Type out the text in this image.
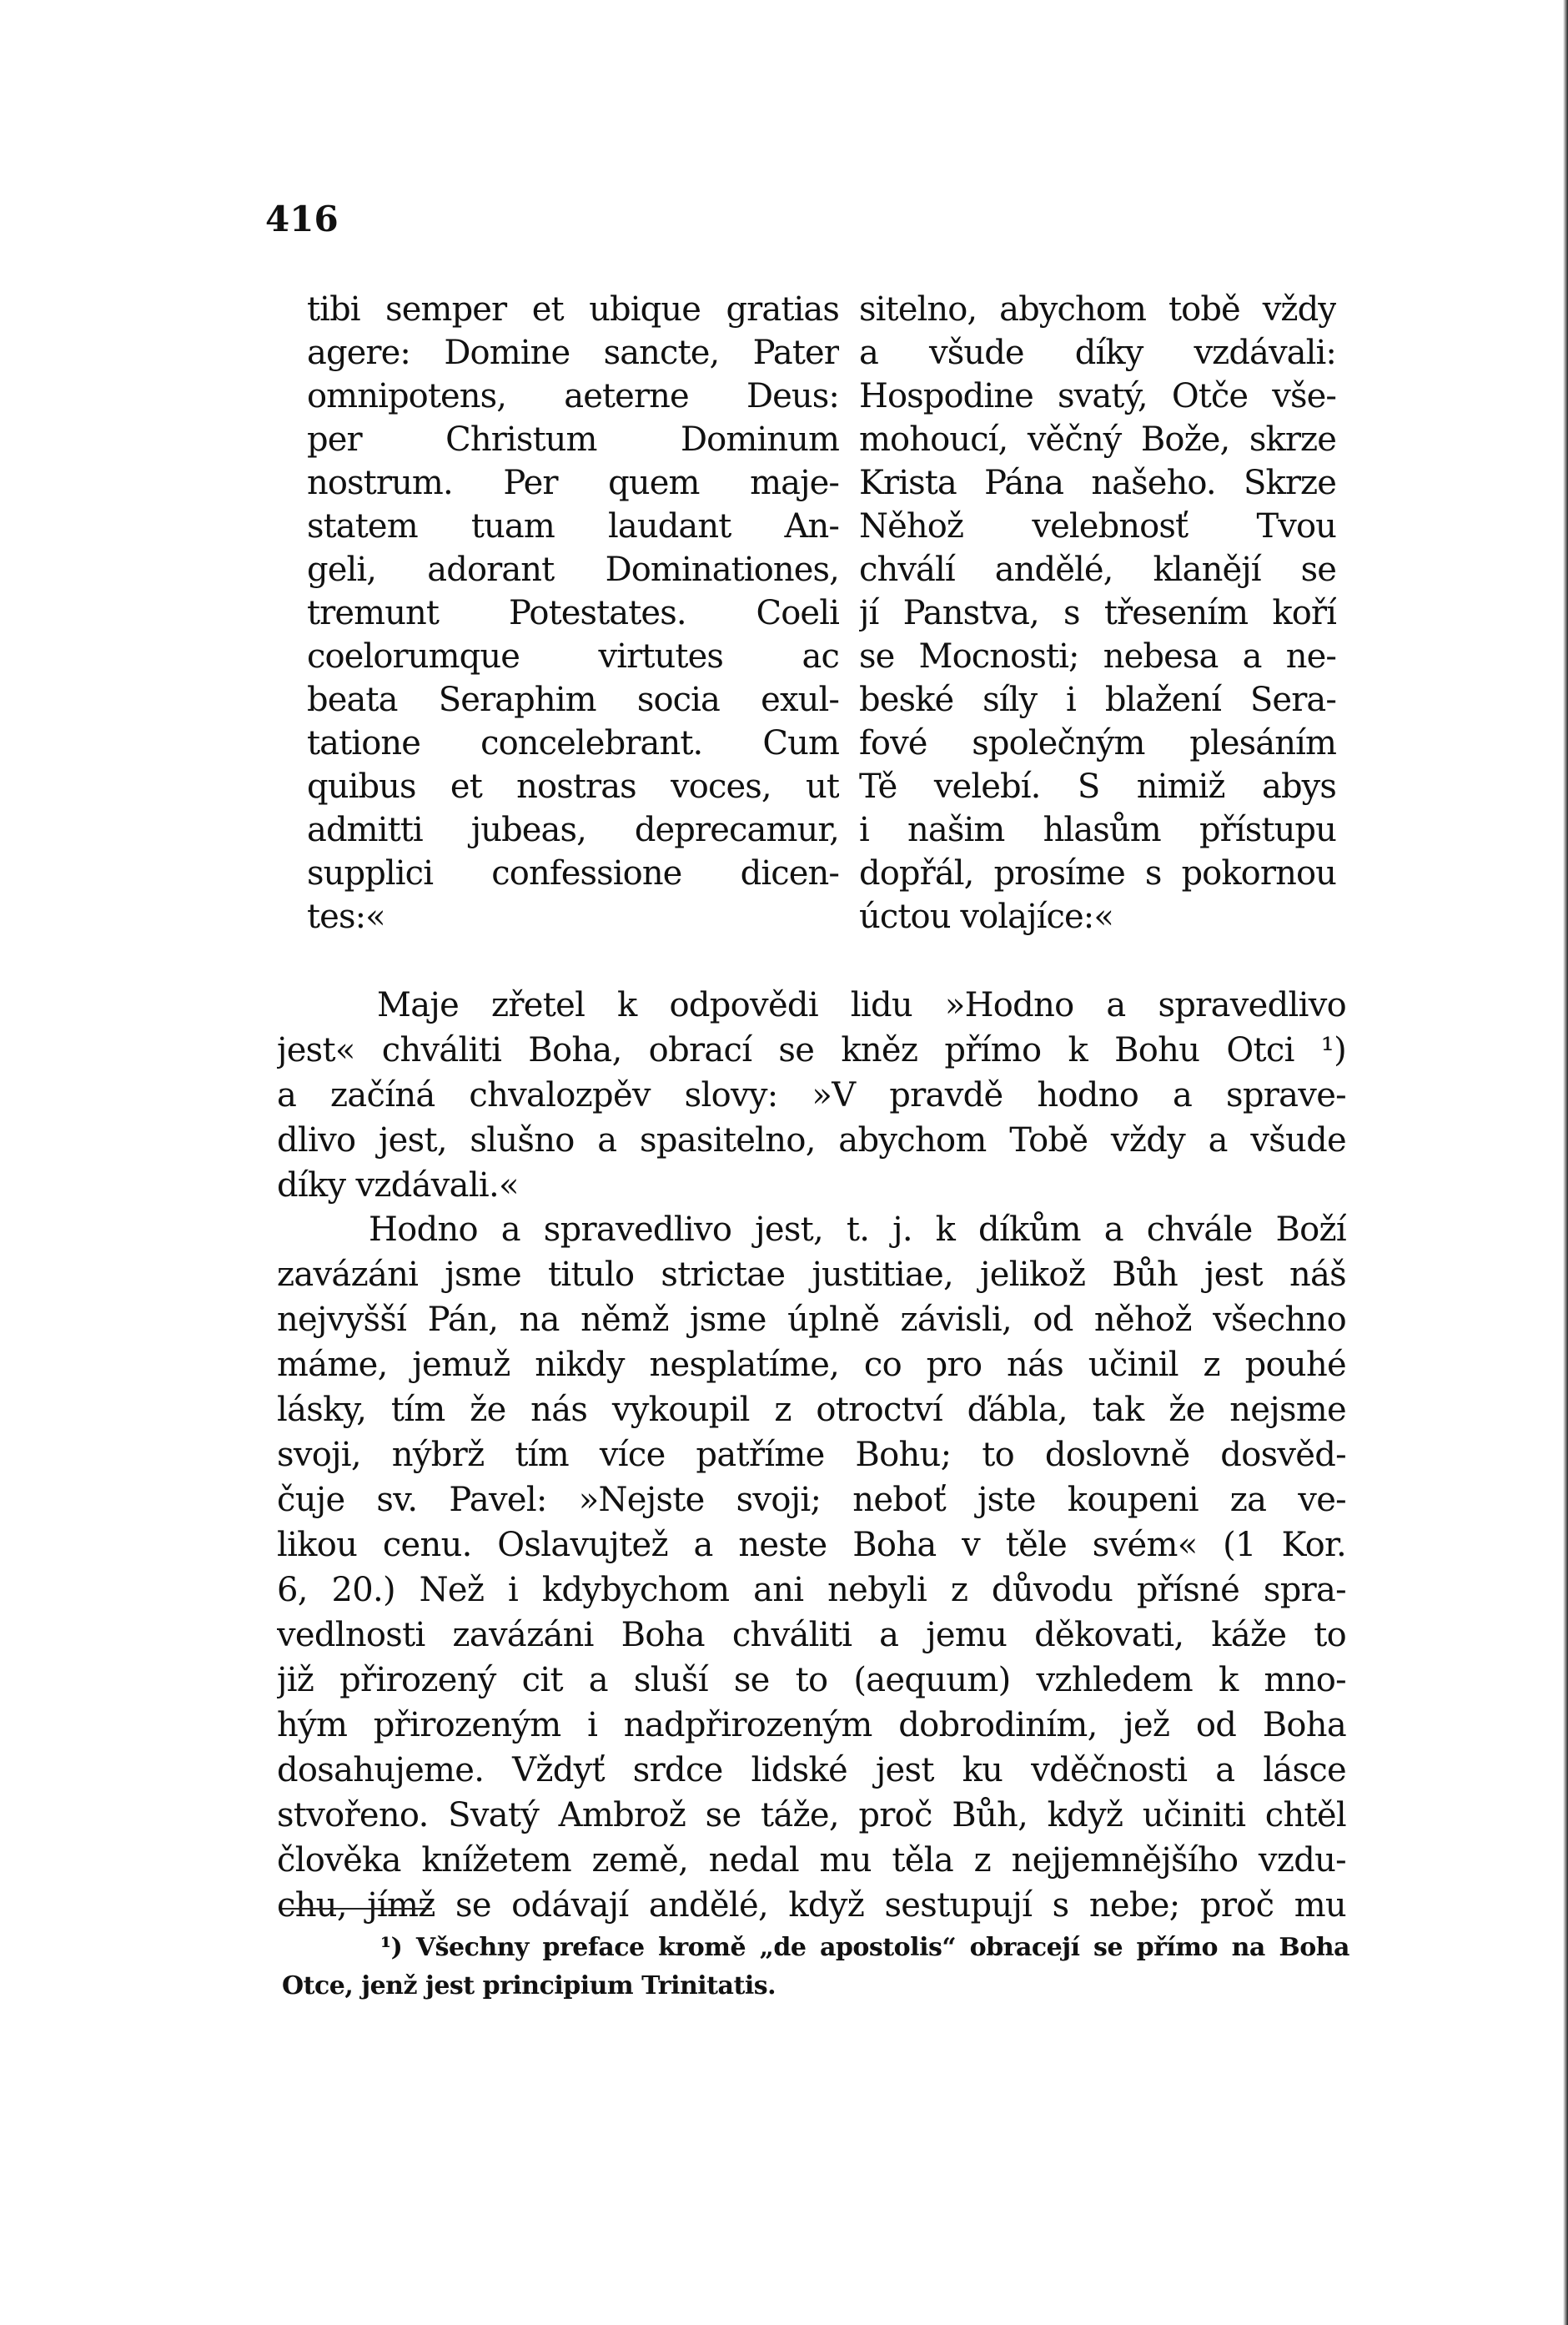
416
tibi semper et ubique gratias
agere: Domine sancte, Pater
omnipotens, aeterne Deus:
per Christum Dominum
nostrum. Per quem maje-
statem tuam laudant An-
geli, adorant Dominationes,
tremunt Potestates. Coeli
coelorumque virtutes ac
beata Seraphim socia exul-
tatione concelebrant. Cum
quibus et nostras voces, ut
admitti jubeas, deprecamur,
supplici confessione dicen-
tes:«
sitelno, abychom tobě vždy
a všude díky vzdávali:
Hospodine svatý, Otče vše-
mohoucí, věčný Bože, skrze
Krista Pána našeho. Skrze
Něhož velebnosť Tvou
chválí andělé, klanějí se
jí Panstva, s třesením koří
se Mocnosti; nebesa a ne-
beské síly i blažení Sera-
fové společným plesáním
Tě velebí. S nimiž abys
i našim hlasům přístupu
dopřál, prosíme s pokornou
úctou volajíce:«
Maje zřetel k odpovědi lidu »Hodno a spravedlivo
jest« chváliti Boha, obrací se kněz přímo k Bohu Otci ¹)
a začíná chvalozpěv slovy: »V pravdě hodno a sprave-
dlivo jest, slušno a spasitelno, abychom Tobě vždy a všude
díky vzdávali.«
Hodno a spravedlivo jest, t. j. k díkům a chvále Boží
zavázáni jsme titulo strictae justitiae, jelikož Bůh jest náš
nejvyšší Pán, na němž jsme úplně závisli, od něhož všechno
máme, jemuž nikdy nesplatíme, co pro nás učinil z pouhé
lásky, tím že nás vykoupil z otroctví ďábla, tak že nejsme
svoji, nýbrž tím více patříme Bohu; to doslovně dosvěd-
čuje sv. Pavel: »Nejste svoji; neboť jste koupeni za ve-
likou cenu. Oslavujtež a neste Boha v těle svém« (1 Kor.
6, 20.) Než i kdybychom ani nebyli z důvodu přísné spra-
vedlnosti zavázáni Boha chváliti a jemu děkovati, káže to
již přirozený cit a sluší se to (aequum) vzhledem k mno-
hým přirozeným i nadpřirozeným dobrodiním, jež od Boha
dosahujeme. Vždyť srdce lidské jest ku vděčnosti a lásce
stvořeno. Svatý Ambrož se táže, proč Bůh, když učiniti chtěl
člověka knížetem země, nedal mu těla z nejjemnějšího vzdu-
chu, jímž se odávají andělé, když sestupují s nebe; proč mu
¹) Všechny preface kromě „de apostolis“ obracejí se přímo na Boha
Otce, jenž jest principium Trinitatis.
